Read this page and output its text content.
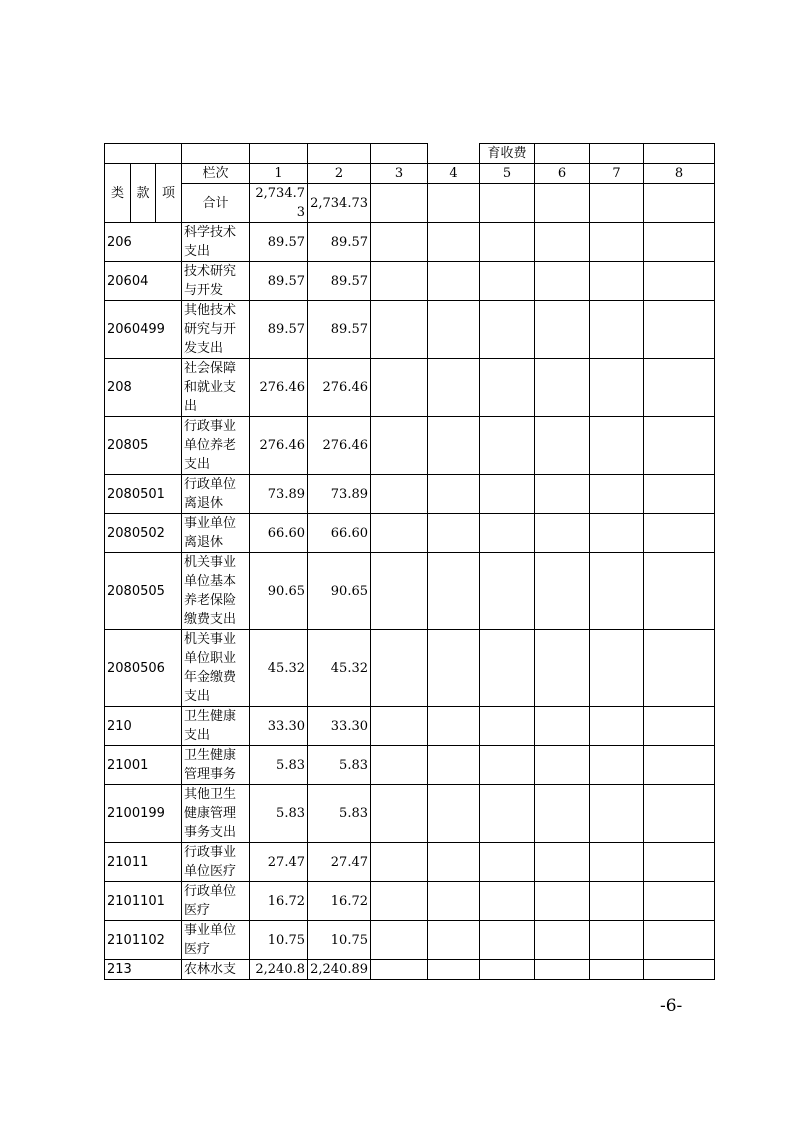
								育收费			
类	款	项	栏次	1	2	3	4	5	6	7	8
			合计	2,734.73	2,734.73						
206			科学技术支出	89.57	89.57						
20604			技术研究与开发	89.57	89.57						
2060499			其他技术研究与开发支出	89.57	89.57						
208			社会保障和就业支出	276.46	276.46						
20805			行政事业单位养老支出	276.46	276.46						
2080501			行政单位离退休	73.89	73.89						
2080502			事业单位离退休	66.60	66.60						
2080505			机关事业单位基本养老保险缴费支出	90.65	90.65						
2080506			机关事业单位职业年金缴费支出	45.32	45.32						
210			卫生健康支出	33.30	33.30						
21001			卫生健康管理事务	5.83	5.83						
2100199			其他卫生健康管理事务支出	5.83	5.83						
21011			行政事业单位医疗	27.47	27.47						
2101101			行政单位医疗	16.72	16.72						
2101102			事业单位医疗	10.75	10.75						
213			农林水支	2,240.8	2,240.89						
-6-
